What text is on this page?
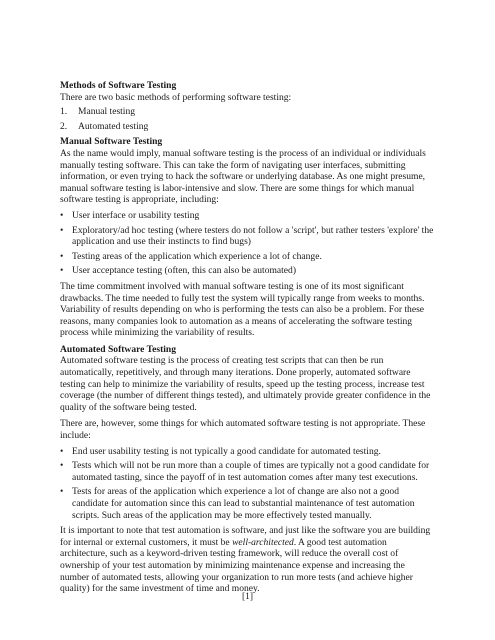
Methods of Software Testing

There are two basic methods of performing software testing:

1. Manual testing
2. Automated testing

Manual Software Testing

As the name would imply, manual software testing is the process of an individual or individuals manually testing software. This can take the form of navigating user interfaces, submitting information, or even trying to hack the software or underlying database. As one might presume, manual software testing is labor-intensive and slow. There are some things for which manual software testing is appropriate, including:

• User interface or usability testing
• Exploratory/ad hoc testing (where testers do not follow a 'script', but rather testers 'explore' the application and use their instincts to find bugs)
• Testing areas of the application which experience a lot of change.
• User acceptance testing (often, this can also be automated)

The time commitment involved with manual software testing is one of its most significant drawbacks. The time needed to fully test the system will typically range from weeks to months. Variability of results depending on who is performing the tests can also be a problem. For these reasons, many companies look to automation as a means of accelerating the software testing process while minimizing the variability of results.

Automated Software Testing

Automated software testing is the process of creating test scripts that can then be run automatically, repetitively, and through many iterations. Done properly, automated software testing can help to minimize the variability of results, speed up the testing process, increase test coverage (the number of different things tested), and ultimately provide greater confidence in the quality of the software being tested.

There are, however, some things for which automated software testing is not appropriate. These include:

• End user usability testing is not typically a good candidate for automated testing.
• Tests which will not be run more than a couple of times are typically not a good candidate for automated tasting, since the payoff of in test automation comes after many test executions.
• Tests for areas of the application which experience a lot of change are also not a good candidate for automation since this can lead to substantial maintenance of test automation scripts. Such areas of the application may be more effectively tested manually.

It is important to note that test automation is software, and just like the software you are building for internal or external customers, it must be well-architected. A good test automation architecture, such as a keyword-driven testing framework, will reduce the overall cost of ownership of your test automation by minimizing maintenance expense and increasing the number of automated tests, allowing your organization to run more tests (and achieve higher quality) for the same investment of time and money.

[1]
